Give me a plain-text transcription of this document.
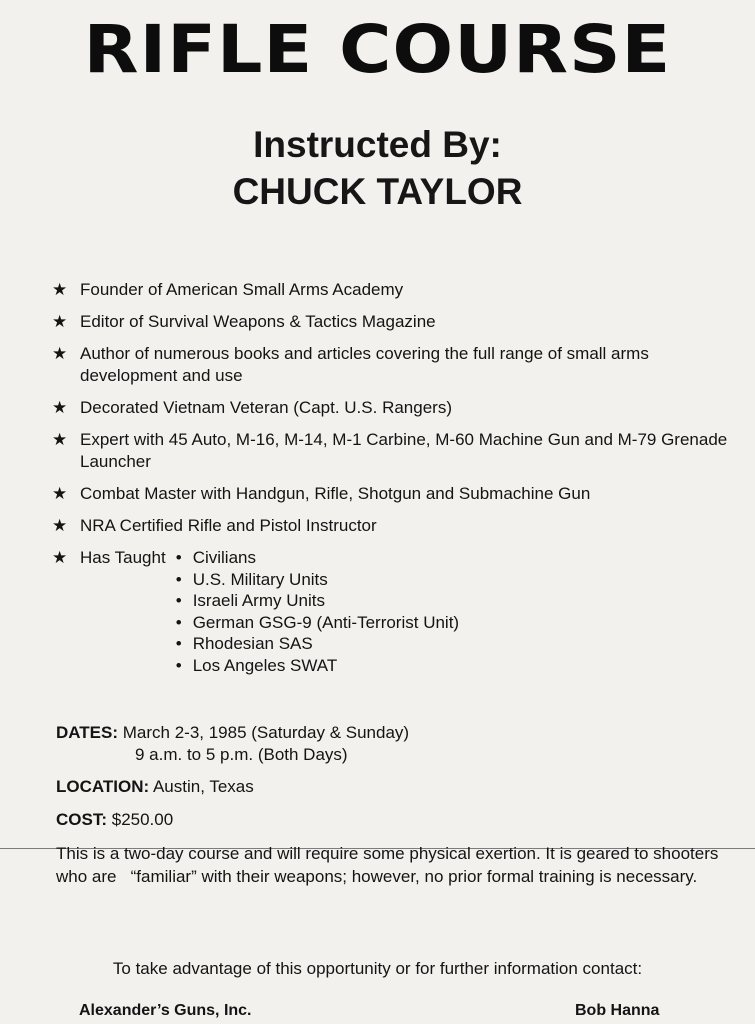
RIFLE COURSE
Instructed By:
CHUCK TAYLOR
★ Founder of American Small Arms Academy
★ Editor of Survival Weapons & Tactics Magazine
★ Author of numerous books and articles covering the full range of small arms development and use
★ Decorated Vietnam Veteran (Capt. U.S. Rangers)
★ Expert with 45 Auto, M-16, M-14, M-1 Carbine, M-60 Machine Gun and M-79 Grenade Launcher
★ Combat Master with Handgun, Rifle, Shotgun and Submachine Gun
★ NRA Certified Rifle and Pistol Instructor
★ Has Taught • Civilians
• U.S. Military Units
• Israeli Army Units
• German GSG-9 (Anti-Terrorist Unit)
• Rhodesian SAS
• Los Angeles SWAT
DATES: March 2-3, 1985 (Saturday & Sunday)
9 a.m. to 5 p.m. (Both Days)
LOCATION: Austin, Texas
COST: $250.00
This is a two-day course and will require some physical exertion. It is geared to shooters who are   “familiar” with their weapons; however, no prior formal training is necessary.
To take advantage of this opportunity or for further information contact:
Alexander’s Guns, Inc.	Bob Hanna
